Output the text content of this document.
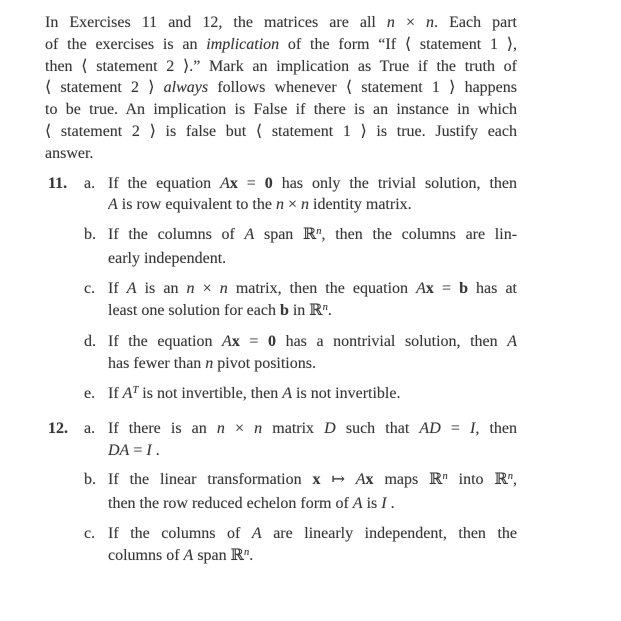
In Exercises 11 and 12, the matrices are all n × n. Each part
of the exercises is an implication of the form “If ⟨ statement 1 ⟩,
then ⟨ statement 2 ⟩.” Mark an implication as True if the truth of
⟨ statement 2 ⟩ always follows whenever ⟨ statement 1 ⟩ happens
to be true. An implication is False if there is an instance in which
⟨ statement 2 ⟩ is false but ⟨ statement 1 ⟩ is true. Justify each
answer.
11.	a. If the equation Ax = 0 has only the trivial solution, then
A is row equivalent to the n × n identity matrix.
b. If the columns of A span ℝ$^n$, then the columns are lin-
early independent.
c. If A is an n × n matrix, then the equation Ax = b has at
least one solution for each b in ℝ$^n$.
d. If the equation Ax = 0 has a nontrivial solution, then A
has fewer than n pivot positions.
e. If $A^T$ is not invertible, then A is not invertible.
12.	a. If there is an n × n matrix D such that AD = I, then
DA = I .
b. If the linear transformation x ↦ Ax maps ℝ$^n$ into ℝ$^n$,
then the row reduced echelon form of A is I .
c. If the columns of A are linearly independent, then the
columns of A span ℝ$^n$.
